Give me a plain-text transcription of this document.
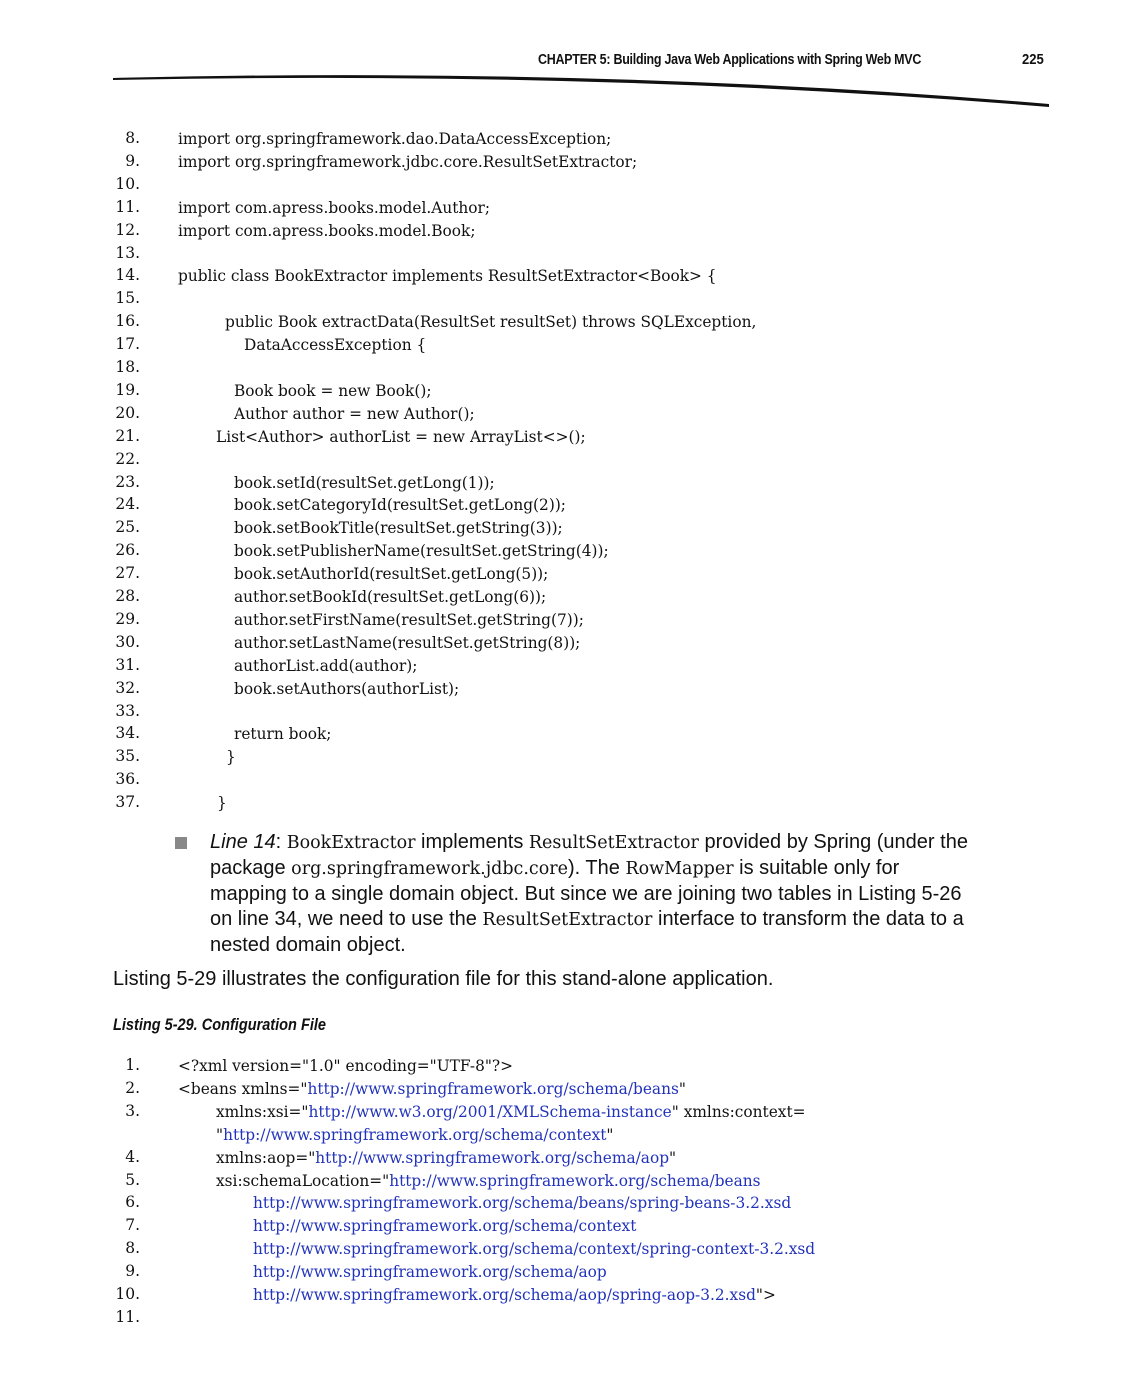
CHAPTER 5: Building Java Web Applications with Spring Web MVC	225
8. import org.springframework.dao.DataAccessException;
9. import org.springframework.jdbc.core.ResultSetExtractor;
10.
11. import com.apress.books.model.Author;
12. import com.apress.books.model.Book;
13.
14. public class BookExtractor implements ResultSetExtractor<Book> {
15.
16.	public Book extractData(ResultSet resultSet) throws SQLException,
17.	DataAccessException {
18.
19.	Book book = new Book();
20.	Author author = new Author();
21.	List<Author> authorList = new ArrayList<>();
22.
23.	book.setId(resultSet.getLong(1));
24.	book.setCategoryId(resultSet.getLong(2));
25.	book.setBookTitle(resultSet.getString(3));
26.	book.setPublisherName(resultSet.getString(4));
27.	book.setAuthorId(resultSet.getLong(5));
28.	author.setBookId(resultSet.getLong(6));
29.	author.setFirstName(resultSet.getString(7));
30.	author.setLastName(resultSet.getString(8));
31.	authorList.add(author);
32.	book.setAuthors(authorList);
33.
34.	return book;
35.	}
36.
37.	}
Line 14: BookExtractor implements ResultSetExtractor provided by Spring (under the package org.springframework.jdbc.core). The RowMapper is suitable only for mapping to a single domain object. But since we are joining two tables in Listing 5-26 on line 34, we need to use the ResultSetExtractor interface to transform the data to a nested domain object.
Listing 5-29 illustrates the configuration file for this stand-alone application.
Listing 5-29. Configuration File
1. <?xml version="1.0" encoding="UTF-8"?>
2. <beans xmlns="http://www.springframework.org/schema/beans"
3.	xmlns:xsi="http://www.w3.org/2001/XMLSchema-instance" xmlns:context=
"http://www.springframework.org/schema/context"
4.	xmlns:aop="http://www.springframework.org/schema/aop"
5.	xsi:schemaLocation="http://www.springframework.org/schema/beans
6.	http://www.springframework.org/schema/beans/spring-beans-3.2.xsd
7.	http://www.springframework.org/schema/context
8.	http://www.springframework.org/schema/context/spring-context-3.2.xsd
9.	http://www.springframework.org/schema/aop
10.	http://www.springframework.org/schema/aop/spring-aop-3.2.xsd">
11.
